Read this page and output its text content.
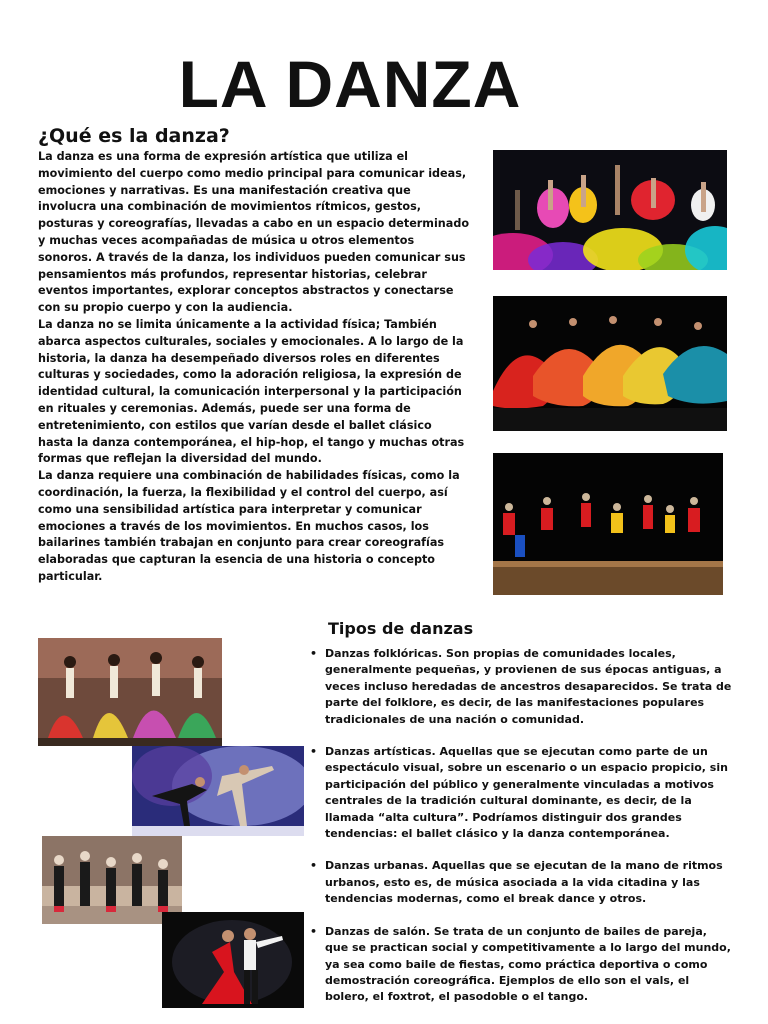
LA DANZA
¿Qué es la danza?

La danza es una forma de expresión artística que utiliza el movimiento del cuerpo como medio principal para comunicar ideas, emociones y narrativas. Es una manifestación creativa que involucra una combinación de movimientos rítmicos, gestos, posturas y coreografías, llevadas a cabo en un espacio determinado y muchas veces acompañadas de música u otros elementos sonoros. A través de la danza, los individuos pueden comunicar sus pensamientos más profundos, representar historias, celebrar eventos importantes, explorar conceptos abstractos y conectarse con su propio cuerpo y con la audiencia.

La danza no se limita únicamente a la actividad física; También abarca aspectos culturales, sociales y emocionales. A lo largo de la historia, la danza ha desempeñado diversos roles en diferentes culturas y sociedades, como la adoración religiosa, la expresión de identidad cultural, la comunicación interpersonal y la participación en rituales y ceremonias. Además, puede ser una forma de entretenimiento, con estilos que varían desde el ballet clásico hasta la danza contemporánea, el hip-hop, el tango y muchas otras formas que reflejan la diversidad del mundo.

La danza requiere una combinación de habilidades físicas, como la coordinación, la fuerza, la flexibilidad y el control del cuerpo, así como una sensibilidad artística para interpretar y comunicar emociones a través de los movimientos. En muchos casos, los bailarines también trabajan en conjunto para crear coreografías elaboradas que capturan la esencia de una historia o concepto particular.

Tipos de danzas
• Danzas folklóricas. Son propias de comunidades locales, generalmente pequeñas, y provienen de sus épocas antiguas, a veces incluso heredadas de ancestros desaparecidos. Se trata de parte del folklore, es decir, de las manifestaciones populares tradicionales de una nación o comunidad.
• Danzas artísticas. Aquellas que se ejecutan como parte de un espectáculo visual, sobre un escenario o un espacio propicio, sin participación del público y generalmente vinculadas a motivos centrales de la tradición cultural dominante, es decir, de la llamada “alta cultura”. Podríamos distinguir dos grandes tendencias: el ballet clásico y la danza contemporánea.
• Danzas urbanas. Aquellas que se ejecutan de la mano de ritmos urbanos, esto es, de música asociada a la vida citadina y las tendencias modernas, como el break dance y otros.
• Danzas de salón. Se trata de un conjunto de bailes de pareja, que se practican social y competitivamente a lo largo del mundo, ya sea como baile de fiestas, como práctica deportiva o como demostración coreográfica. Ejemplos de ello son el vals, el bolero, el foxtrot, el pasodoble o el tango.
